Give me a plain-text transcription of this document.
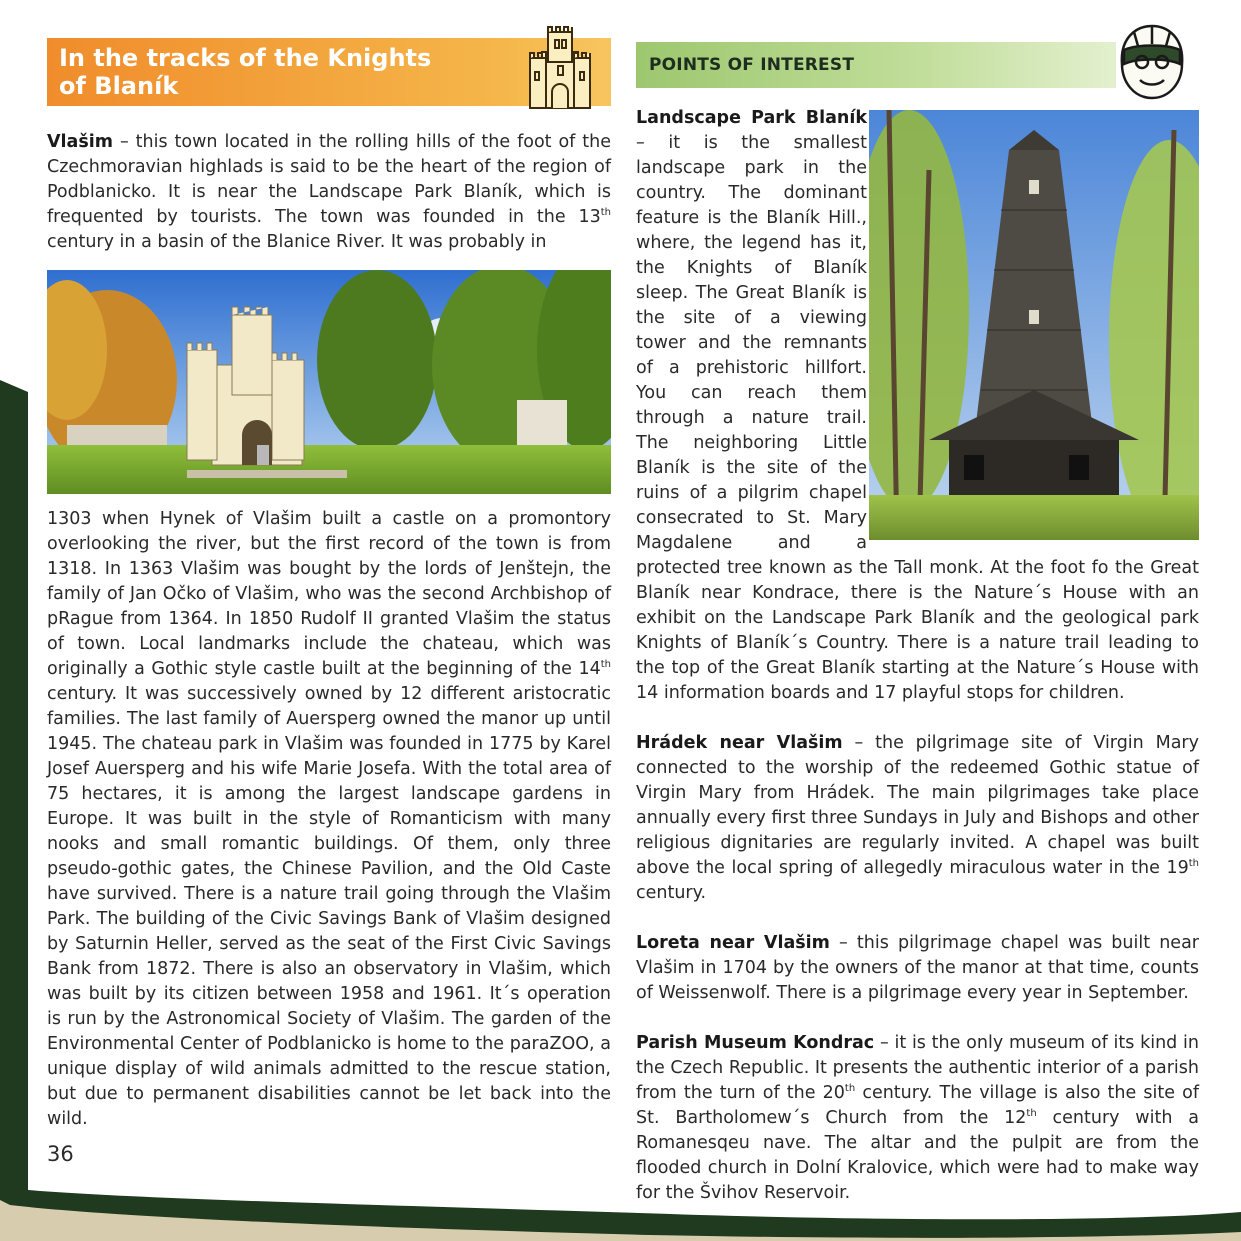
In the tracks of the Knights
of Blaník
POINTS OF INTEREST

Vlašim – this town located in the rolling hills of the foot of the Czechmoravian highlads is said to be the heart of the region of Podblanicko. It is near the Landscape Park Blaník, which is frequented by tourists. The town was founded in the 13th century in a basin of the Blanice River. It was probably in

1303 when Hynek of Vlašim built a castle on a promontory overlooking the river, but the first record of the town is from 1318. In 1363 Vlašim was bought by the lords of Jenštejn, the family of Jan Očko of Vlašim, who was the second Archbishop of pRague from 1364. In 1850 Rudolf II granted Vlašim the status of town. Local landmarks include the chateau, which was originally a Gothic style castle built at the beginning of the 14th century. It was successively owned by 12 different aristocratic families. The last family of Auersperg owned the manor up until 1945. The chateau park in Vlašim was founded in 1775 by Karel Josef Auersperg and his wife Marie Josefa. With the total area of 75 hectares, it is among the largest landscape gardens in Europe. It was built in the style of Romanticism with many nooks and small romantic buildings. Of them, only three pseudo-gothic gates, the Chinese Pavilion, and the Old Caste have survived. There is a nature trail going through the Vlašim Park. The building of the Civic Savings Bank of Vlašim designed by Saturnin Heller, served as the seat of the First Civic Savings Bank from 1872. There is also an observatory in Vlašim, which was built by its citizen between 1958 and 1961. It´s operation is run by the Astronomical Society of Vlašim. The garden of the Environmental Center of Podblanicko is home to the paraZOO, a unique display of wild animals admitted to the rescue station, but due to permanent disabilities cannot be let back into the wild.

Landscape Park Blaník – it is the smallest landscape park in the country. The dominant feature is the Blaník Hill., where, the legend has it, the Knights of Blaník sleep. The Great Blaník is the site of a viewing tower and the remnants of a prehistoric hillfort. You can reach them through a nature trail. The neighboring Little Blaník is the site of the ruins of a pilgrim chapel consecrated to St. Mary Magdalene and a protected tree known as the Tall monk. At the foot fo the Great Blaník near Kondrace, there is the Nature´s House with an exhibit on the Landscape Park Blaník and the geological park Knights of Blaník´s Country. There is a nature trail leading to the top of the Great Blaník starting at the Nature´s House with 14 information boards and 17 playful stops for children.

Hrádek near Vlašim – the pilgrimage site of Virgin Mary connected to the worship of the redeemed Gothic statue of Virgin Mary from Hrádek. The main pilgrimages take place annually every first three Sundays in July and Bishops and other religious dignitaries are regularly invited. A chapel was built above the local spring of allegedly miraculous water in the 19th century.

Loreta near Vlašim – this pilgrimage chapel was built near Vlašim in 1704 by the owners of the manor at that time, counts of Weissenwolf. There is a pilgrimage every year in September.

Parish Museum Kondrac – it is the only museum of its kind in the Czech Republic. It presents the authentic interior of a parish from the turn of the 20th century. The village is also the site of St. Bartholomew´s Church from the 12th century with a Romanesqeu nave. The altar and the pulpit are from the flooded church in Dolní Kralovice, which were had to make way for the Švihov Reservoir.

36
